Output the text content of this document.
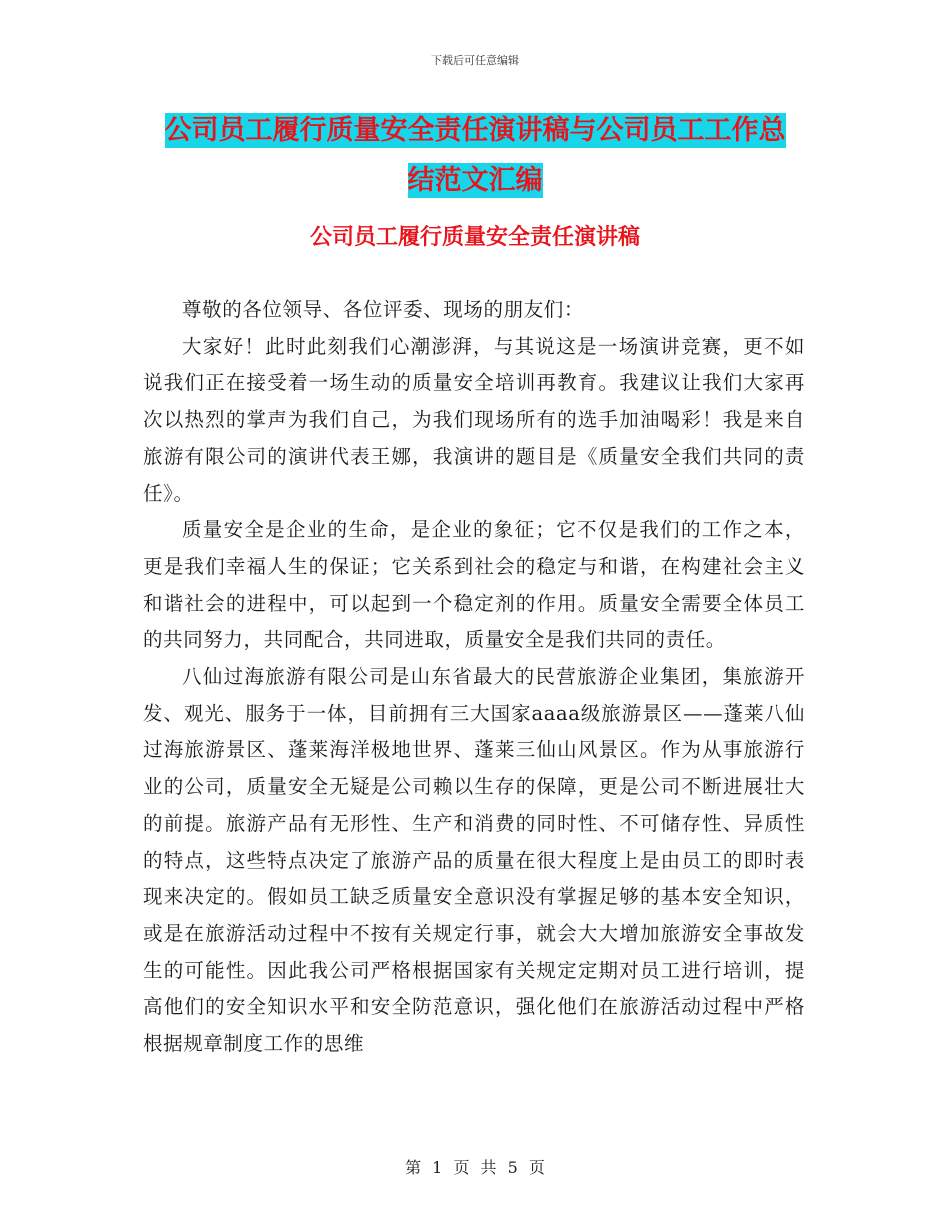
下载后可任意编辑
公司员工履行质量安全责任演讲稿与公司员工工作总
结范文汇编
公司员工履行质量安全责任演讲稿

尊敬的各位领导、各位评委、现场的朋友们：

大家好！此时此刻我们心潮澎湃，与其说这是一场演讲竞赛，更不如说我们正在接受着一场生动的质量安全培训再教育。我建议让我们大家再次以热烈的掌声为我们自己，为我们现场所有的选手加油喝彩！我是来自旅游有限公司的演讲代表王娜，我演讲的题目是《质量安全我们共同的责任》。

质量安全是企业的生命，是企业的象征；它不仅是我们的工作之本，更是我们幸福人生的保证；它关系到社会的稳定与和谐，在构建社会主义和谐社会的进程中，可以起到一个稳定剂的作用。质量安全需要全体员工的共同努力，共同配合，共同进取，质量安全是我们共同的责任。

八仙过海旅游有限公司是山东省最大的民营旅游企业集团，集旅游开发、观光、服务于一体，目前拥有三大国家aaaa级旅游景区——蓬莱八仙过海旅游景区、蓬莱海洋极地世界、蓬莱三仙山风景区。作为从事旅游行业的公司，质量安全无疑是公司赖以生存的保障，更是公司不断进展壮大的前提。旅游产品有无形性、生产和消费的同时性、不可储存性、异质性的特点，这些特点决定了旅游产品的质量在很大程度上是由员工的即时表现来决定的。假如员工缺乏质量安全意识没有掌握足够的基本安全知识，或是在旅游活动过程中不按有关规定行事，就会大大增加旅游安全事故发生的可能性。因此我公司严格根据国家有关规定定期对员工进行培训，提高他们的安全知识水平和安全防范意识，强化他们在旅游活动过程中严格根据规章制度工作的思维

第 1 页 共 5 页
